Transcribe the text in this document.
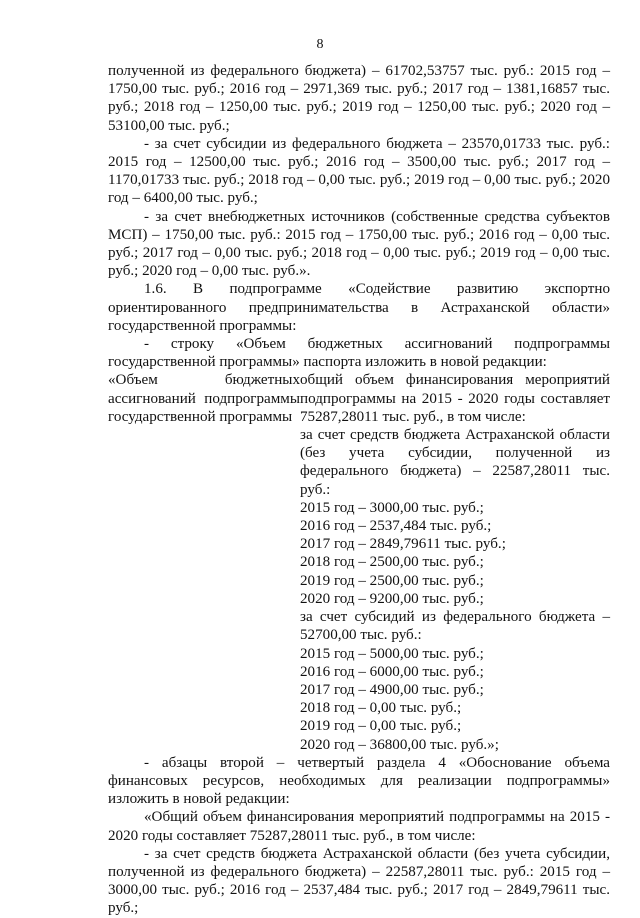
8

полученной из федерального бюджета) – 61702,53757 тыс. руб.: 2015 год – 1750,00 тыс. руб.; 2016 год – 2971,369 тыс. руб.; 2017 год – 1381,16857 тыс. руб.; 2018 год – 1250,00 тыс. руб.; 2019 год – 1250,00 тыс. руб.; 2020 год – 53100,00 тыс. руб.;

- за счет субсидии из федерального бюджета – 23570,01733 тыс. руб.: 2015 год – 12500,00 тыс. руб.; 2016 год – 3500,00 тыс. руб.; 2017 год – 1170,01733 тыс. руб.; 2018 год – 0,00 тыс. руб.; 2019 год – 0,00 тыс. руб.; 2020 год – 6400,00 тыс. руб.;

- за счет внебюджетных источников (собственные средства субъектов МСП) – 1750,00 тыс. руб.: 2015 год – 1750,00 тыс. руб.; 2016 год – 0,00 тыс. руб.; 2017 год – 0,00 тыс. руб.; 2018 год – 0,00 тыс. руб.; 2019 год – 0,00 тыс. руб.; 2020 год – 0,00 тыс. руб.».

1.6. В подпрограмме «Содействие развитию экспортно ориентированного предпринимательства в Астраханской области» государственной программы:

- строку «Объем бюджетных ассигнований подпрограммы государственной программы» паспорта изложить в новой редакции:

«Объем бюджетных ассигнований подпрограммы государственной программы

общий объем финансирования мероприятий подпрограммы на 2015 - 2020 годы составляет 75287,28011 тыс. руб., в том числе:

за счет средств бюджета Астраханской области (без учета субсидии, полученной из федерального бюджета) – 22587,28011 тыс. руб.:

2015 год – 3000,00 тыс. руб.;
2016 год – 2537,484 тыс. руб.;
2017 год – 2849,79611 тыс. руб.;
2018 год – 2500,00 тыс. руб.;
2019 год – 2500,00 тыс. руб.;
2020 год – 9200,00 тыс. руб.;

за счет субсидий из федерального бюджета – 52700,00 тыс. руб.:

2015 год – 5000,00 тыс. руб.;
2016 год – 6000,00 тыс. руб.;
2017 год – 4900,00 тыс. руб.;
2018 год – 0,00 тыс. руб.;
2019 год – 0,00 тыс. руб.;
2020 год – 36800,00 тыс. руб.»;

- абзацы второй – четвертый раздела 4 «Обоснование объема финансовых ресурсов, необходимых для реализации подпрограммы» изложить в новой редакции:

«Общий объем финансирования мероприятий подпрограммы на 2015 - 2020 годы составляет 75287,28011 тыс. руб., в том числе:

- за счет средств бюджета Астраханской области (без учета субсидии, полученной из федерального бюджета) – 22587,28011 тыс. руб.: 2015 год – 3000,00 тыс. руб.; 2016 год – 2537,484 тыс. руб.; 2017 год – 2849,79611 тыс. руб.;
